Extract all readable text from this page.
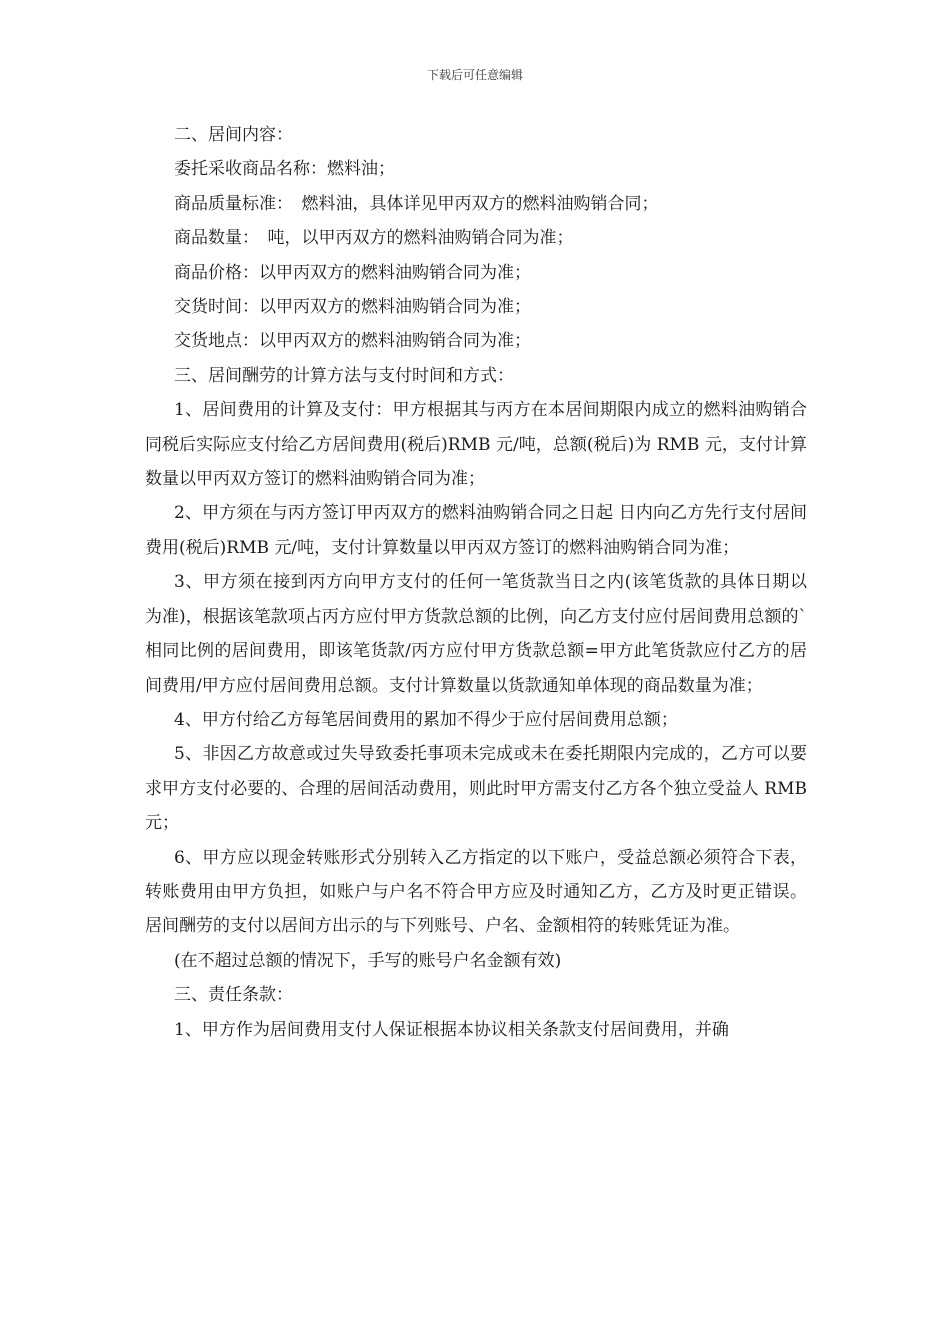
下载后可任意编辑

二、居间内容：

委托采收商品名称：燃料油；

商品质量标准：　燃料油，具体详见甲丙双方的燃料油购销合同；

商品数量：　吨，以甲丙双方的燃料油购销合同为准；

商品价格：以甲丙双方的燃料油购销合同为准；

交货时间：以甲丙双方的燃料油购销合同为准；

交货地点：以甲丙双方的燃料油购销合同为准；

三、居间酬劳的计算方法与支付时间和方式：

1、居间费用的计算及支付：甲方根据其与丙方在本居间期限内成立的燃料油购销合同税后实际应支付给乙方居间费用(税后)RMB 元/吨，总额(税后)为 RMB 元，支付计算数量以甲丙双方签订的燃料油购销合同为准；

2、甲方须在与丙方签订甲丙双方的燃料油购销合同之日起 日内向乙方先行支付居间费用(税后)RMB 元/吨，支付计算数量以甲丙双方签订的燃料油购销合同为准；

3、甲方须在接到丙方向甲方支付的任何一笔货款当日之内(该笔货款的具体日期以 为准)，根据该笔款项占丙方应付甲方货款总额的比例，向乙方支付应付居间费用总额的`相同比例的居间费用，即该笔货款/丙方应付甲方货款总额=甲方此笔货款应付乙方的居间费用/甲方应付居间费用总额。支付计算数量以货款通知单体现的商品数量为准；

4、甲方付给乙方每笔居间费用的累加不得少于应付居间费用总额；

5、非因乙方故意或过失导致委托事项未完成或未在委托期限内完成的，乙方可以要求甲方支付必要的、合理的居间活动费用，则此时甲方需支付乙方各个独立受益人 RMB 元；

6、甲方应以现金转账形式分别转入乙方指定的以下账户，受益总额必须符合下表，转账费用由甲方负担，如账户与户名不符合甲方应及时通知乙方，乙方及时更正错误。居间酬劳的支付以居间方出示的与下列账号、户名、金额相符的转账凭证为准。

(在不超过总额的情况下，手写的账号户名金额有效)

三、责任条款：

1、甲方作为居间费用支付人保证根据本协议相关条款支付居间费用，并确
